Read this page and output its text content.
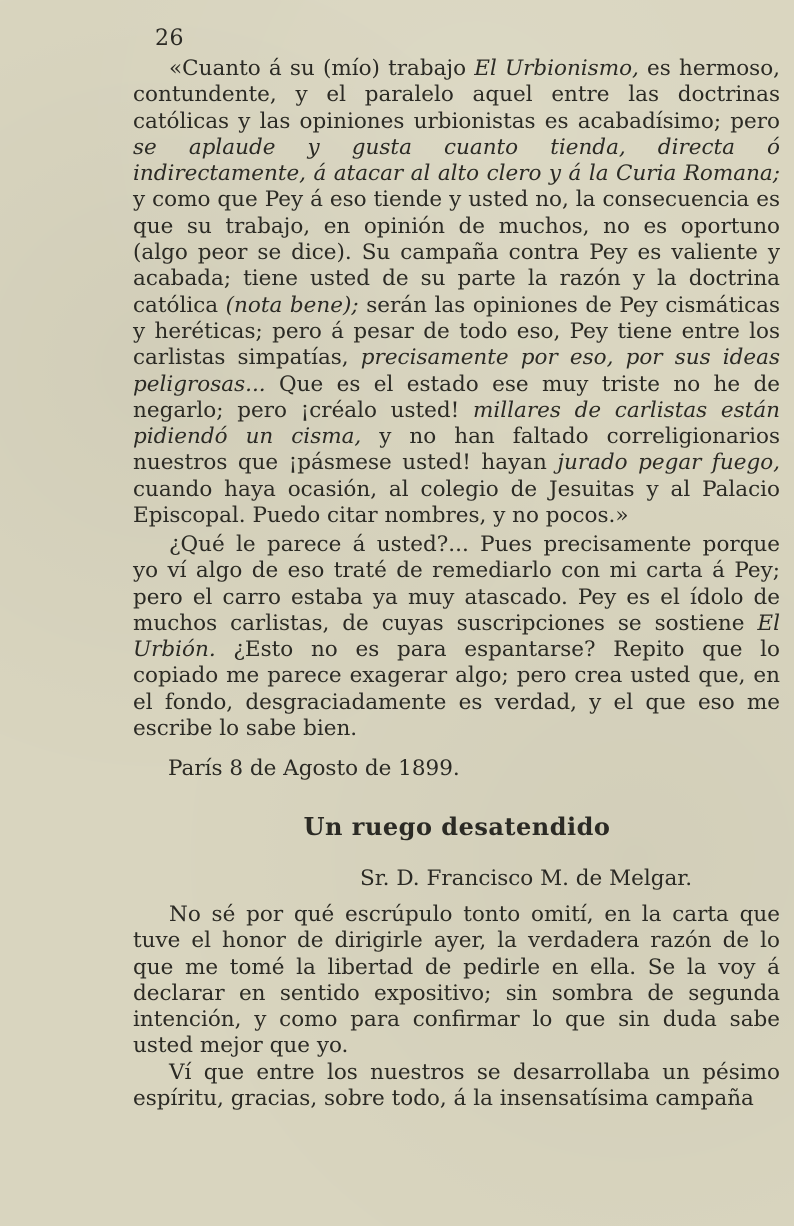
26

«Cuanto á su (mío) trabajo El Urbionismo, es hermoso, contundente, y el paralelo aquel entre las doctrinas católicas y las opiniones urbionistas es acabadísimo; pero se aplaude y gusta cuanto tienda, directa ó indirectamente, á atacar al alto clero y á la Curia Romana; y como que Pey á eso tiende y usted no, la consecuencia es que su trabajo, en opinión de muchos, no es oportuno (algo peor se dice). Su campaña contra Pey es valiente y acabada; tiene usted de su parte la razón y la doctrina católica (nota bene); serán las opiniones de Pey cismáticas y heréticas; pero á pesar de todo eso, Pey tiene entre los carlistas simpatías, precisamente por eso, por sus ideas peligrosas... Que es el estado ese muy triste no he de negarlo; pero ¡créalo usted! millares de carlistas están pidiendó un cisma, y no han faltado correligionarios nuestros que ¡pásmese usted! hayan jurado pegar fuego, cuando haya ocasión, al colegio de Jesuitas y al Palacio Episcopal. Puedo citar nombres, y no pocos.»

¿Qué le parece á usted?... Pues precisamente porque yo ví algo de eso traté de remediarlo con mi carta á Pey; pero el carro estaba ya muy atascado. Pey es el ídolo de muchos carlistas, de cuyas suscripciones se sostiene El Urbión. ¿Esto no es para espantarse? Repito que lo copiado me parece exagerar algo; pero crea usted que, en el fondo, desgraciadamente es verdad, y el que eso me escribe lo sabe bien.

París 8 de Agosto de 1899.
Un ruego desatendido
Sr. D. Francisco M. de Melgar.

No sé por qué escrúpulo tonto omití, en la carta que tuve el honor de dirigirle ayer, la verdadera razón de lo que me tomé la libertad de pedirle en ella. Se la voy á declarar en sentido expositivo; sin sombra de segunda intención, y como para confirmar lo que sin duda sabe usted mejor que yo.

Ví que entre los nuestros se desarrollaba un pésimo espíritu, gracias, sobre todo, á la insensatísima campaña
